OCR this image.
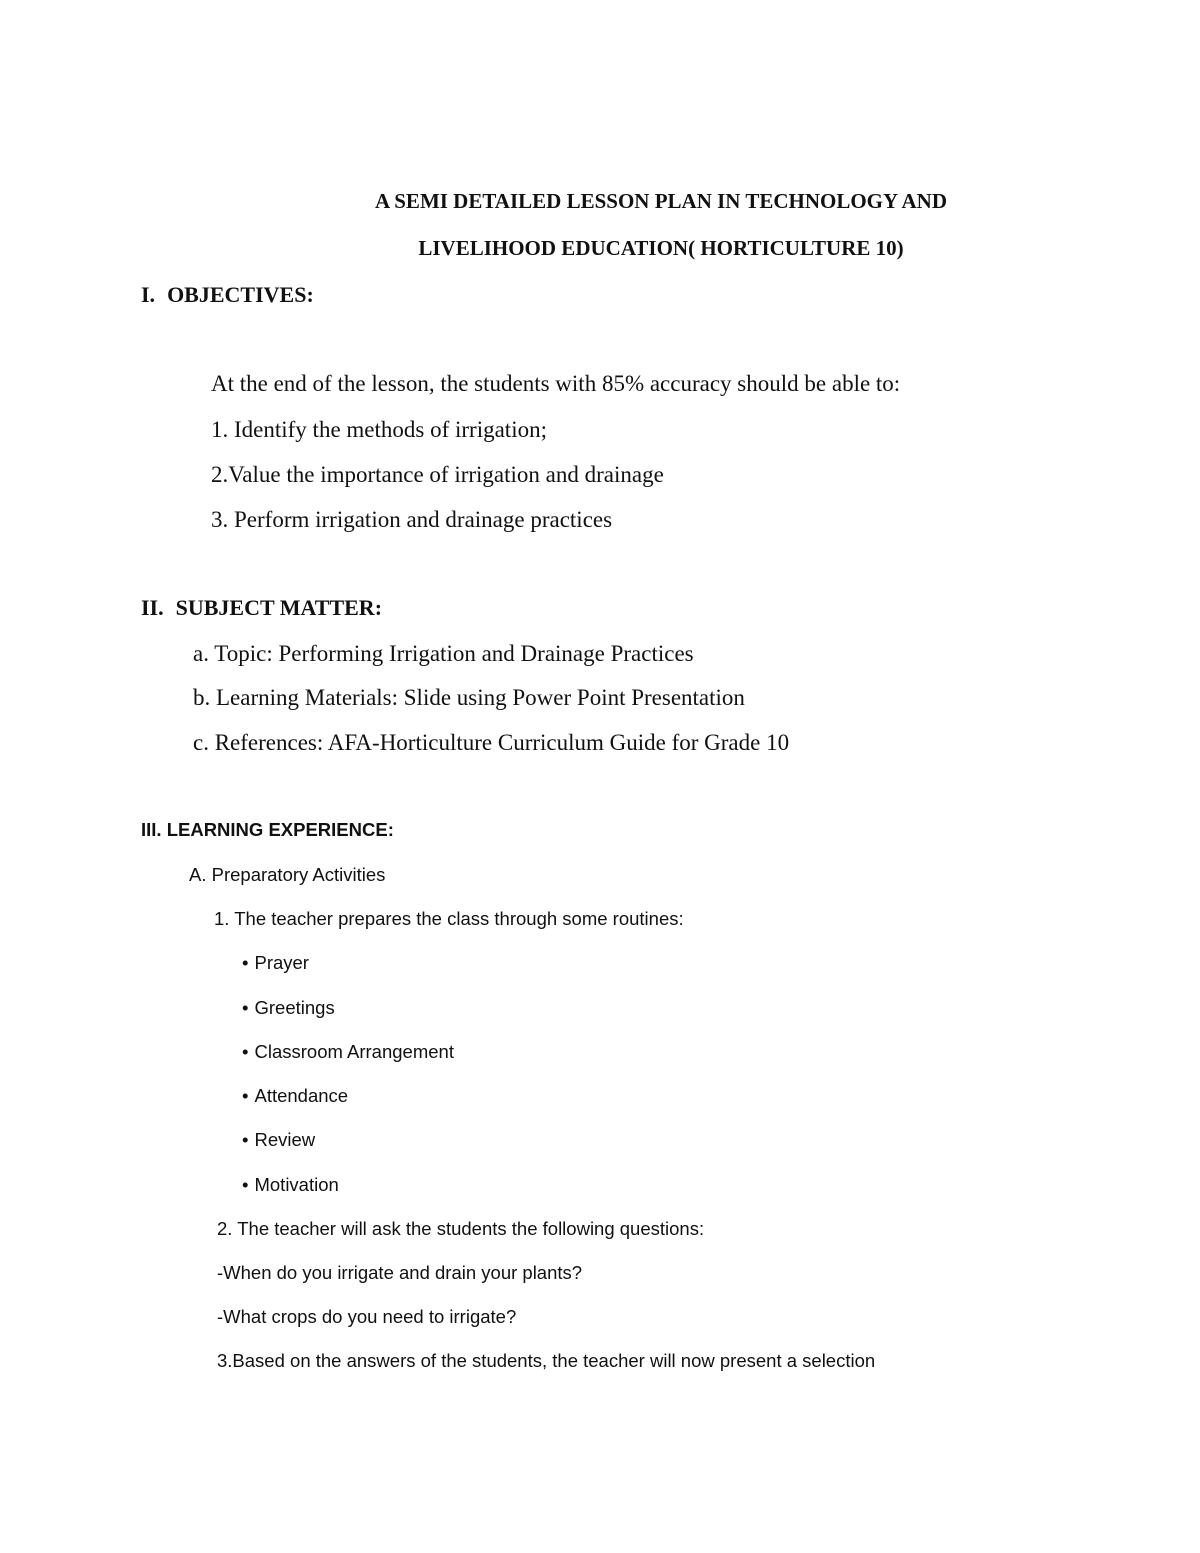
A SEMI DETAILED LESSON PLAN IN TECHNOLOGY AND
LIVELIHOOD EDUCATION( HORTICULTURE 10)
I. OBJECTIVES:
At the end of the lesson, the students with 85% accuracy should be able to:
1. Identify the methods of irrigation;
2.Value the importance of irrigation and drainage
3. Perform irrigation and drainage practices
II. SUBJECT MATTER:
a. Topic: Performing Irrigation and Drainage Practices
b. Learning Materials: Slide using Power Point Presentation
c. References: AFA-Horticulture Curriculum Guide for Grade 10
III. LEARNING EXPERIENCE:
A. Preparatory Activities
1. The teacher prepares the class through some routines:
• Prayer
• Greetings
• Classroom Arrangement
• Attendance
• Review
• Motivation
2. The teacher will ask the students the following questions:
-When do you irrigate and drain your plants?
-What crops do you need to irrigate?
3.Based on the answers of the students, the teacher will now present a selection
